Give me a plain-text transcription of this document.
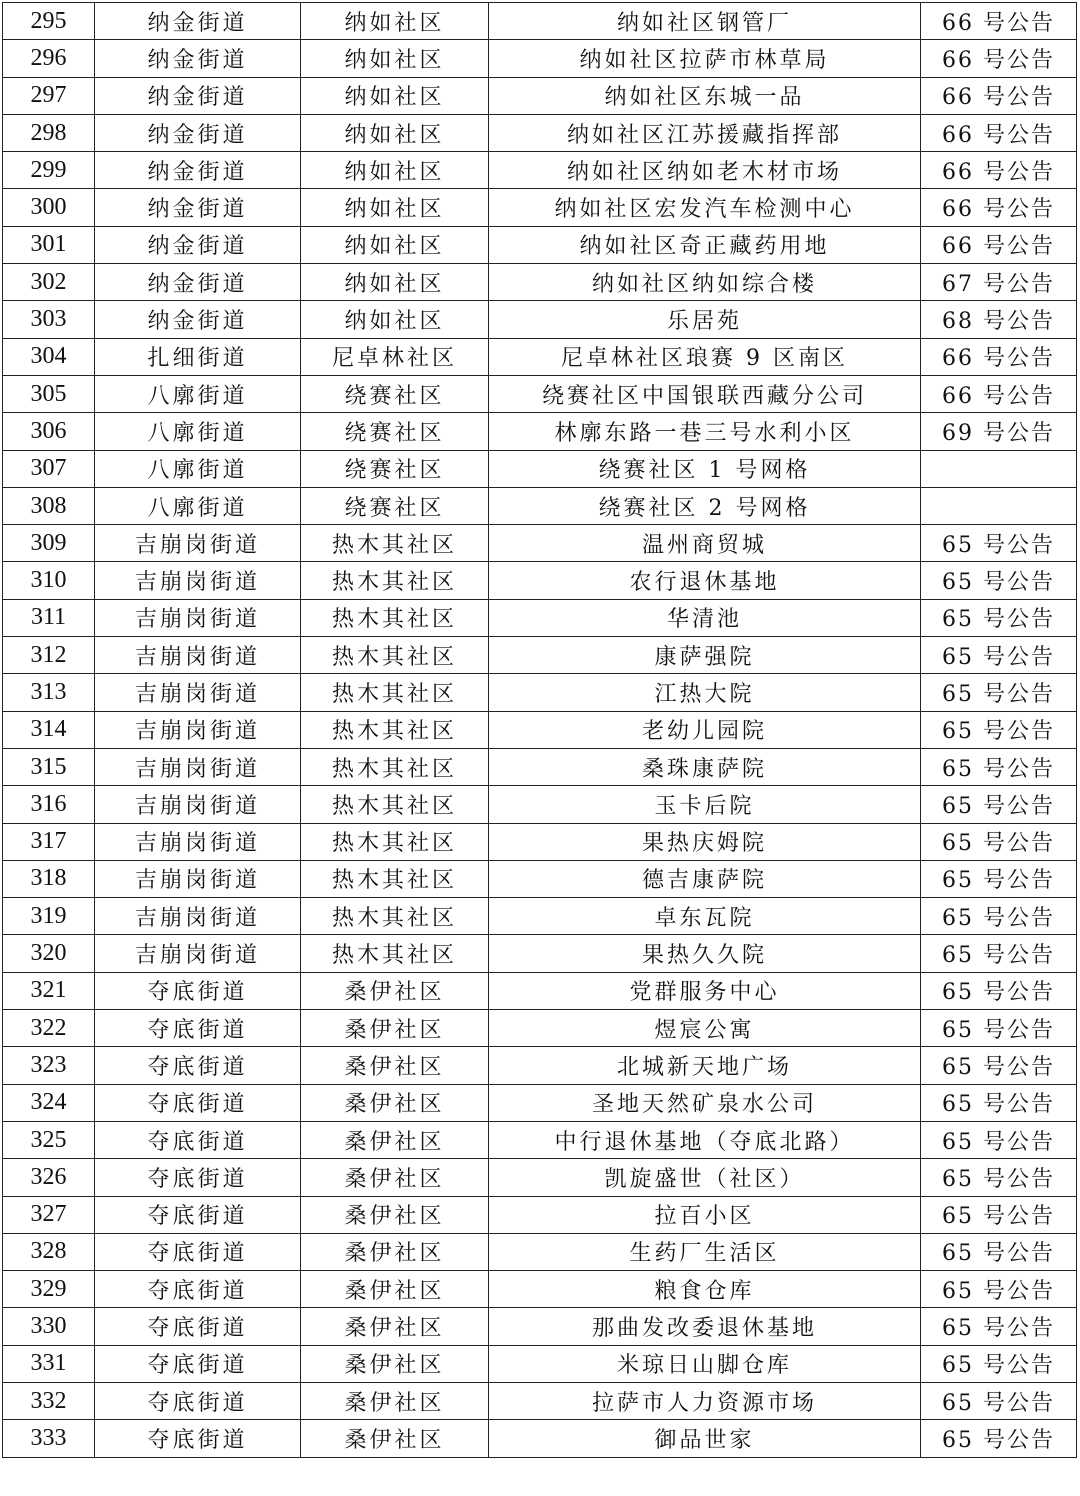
295	纳金街道	纳如社区	纳如社区钢管厂	66 号公告
296	纳金街道	纳如社区	纳如社区拉萨市林草局	66 号公告
297	纳金街道	纳如社区	纳如社区东城一品	66 号公告
298	纳金街道	纳如社区	纳如社区江苏援藏指挥部	66 号公告
299	纳金街道	纳如社区	纳如社区纳如老木材市场	66 号公告
300	纳金街道	纳如社区	纳如社区宏发汽车检测中心	66 号公告
301	纳金街道	纳如社区	纳如社区奇正藏药用地	66 号公告
302	纳金街道	纳如社区	纳如社区纳如综合楼	67 号公告
303	纳金街道	纳如社区	乐居苑	68 号公告
304	扎细街道	尼卓林社区	尼卓林社区琅赛 9 区南区	66 号公告
305	八廓街道	绕赛社区	绕赛社区中国银联西藏分公司	66 号公告
306	八廓街道	绕赛社区	林廓东路一巷三号水利小区	69 号公告
307	八廓街道	绕赛社区	绕赛社区 1 号网格	
308	八廓街道	绕赛社区	绕赛社区 2 号网格	
309	吉崩岗街道	热木其社区	温州商贸城	65 号公告
310	吉崩岗街道	热木其社区	农行退休基地	65 号公告
311	吉崩岗街道	热木其社区	华清池	65 号公告
312	吉崩岗街道	热木其社区	康萨强院	65 号公告
313	吉崩岗街道	热木其社区	江热大院	65 号公告
314	吉崩岗街道	热木其社区	老幼儿园院	65 号公告
315	吉崩岗街道	热木其社区	桑珠康萨院	65 号公告
316	吉崩岗街道	热木其社区	玉卡后院	65 号公告
317	吉崩岗街道	热木其社区	果热庆姆院	65 号公告
318	吉崩岗街道	热木其社区	德吉康萨院	65 号公告
319	吉崩岗街道	热木其社区	卓东瓦院	65 号公告
320	吉崩岗街道	热木其社区	果热久久院	65 号公告
321	夺底街道	桑伊社区	党群服务中心	65 号公告
322	夺底街道	桑伊社区	煜宸公寓	65 号公告
323	夺底街道	桑伊社区	北城新天地广场	65 号公告
324	夺底街道	桑伊社区	圣地天然矿泉水公司	65 号公告
325	夺底街道	桑伊社区	中行退休基地（夺底北路）	65 号公告
326	夺底街道	桑伊社区	凯旋盛世（社区）	65 号公告
327	夺底街道	桑伊社区	拉百小区	65 号公告
328	夺底街道	桑伊社区	生药厂生活区	65 号公告
329	夺底街道	桑伊社区	粮食仓库	65 号公告
330	夺底街道	桑伊社区	那曲发改委退休基地	65 号公告
331	夺底街道	桑伊社区	米琼日山脚仓库	65 号公告
332	夺底街道	桑伊社区	拉萨市人力资源市场	65 号公告
333	夺底街道	桑伊社区	御品世家	65 号公告
